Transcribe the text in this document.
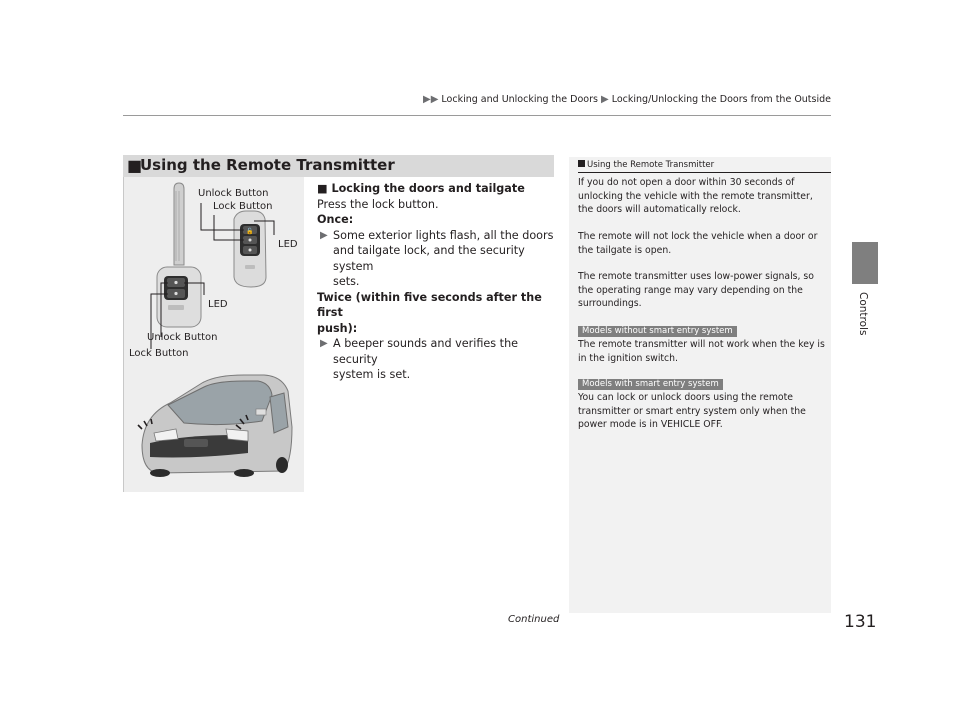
▶▶ Locking and Unlocking the Doors ▶ Locking/Unlocking the Doors from the Outside
Controls
■
Using the Remote Transmitter
🔓
Unlock Button
Lock Button
LED
LED
Unlock Button
Lock Button
■ Locking the doors and tailgate
Press the lock button.
Once:
▶ Some exterior lights flash, all the doors
and tailgate lock, and the security system
sets.
Twice (within five seconds after the first
push):
▶ A beeper sounds and verifies the security
system is set.
Using the Remote Transmitter
If you do not open a door within 30 seconds of
unlocking the vehicle with the remote transmitter,
the doors will automatically relock.
The remote will not lock the vehicle when a door or
the tailgate is open.
The remote transmitter uses low-power signals, so
the operating range may vary depending on the
surroundings.
Models without smart entry system
The remote transmitter will not work when the key is
in the ignition switch.
Models with smart entry system
You can lock or unlock doors using the remote
transmitter or smart entry system only when the
power mode is in VEHICLE OFF.
Continued	131
